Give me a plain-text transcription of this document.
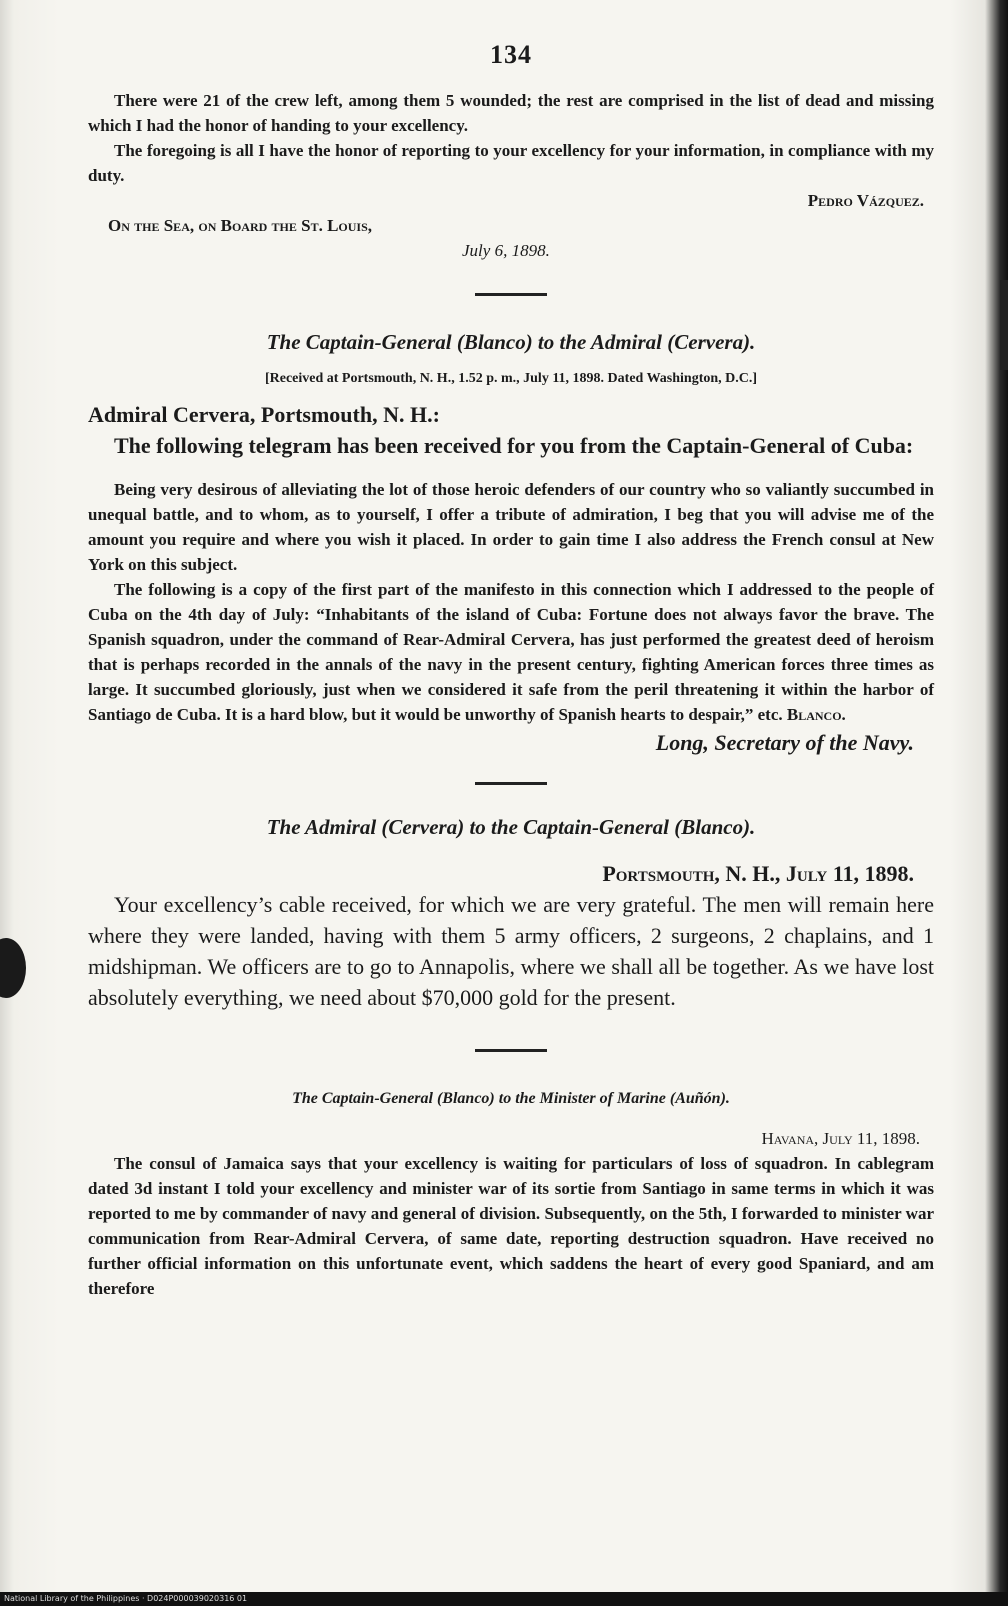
134

There were 21 of the crew left, among them 5 wounded; the rest are comprised in the list of dead and missing which I had the honor of handing to your excellency.

The foregoing is all I have the honor of reporting to your excellency for your information, in compliance with my duty.

Pedro Vázquez.

On the Sea, on Board the St. Louis,

July 6, 1898.

The Captain-General (Blanco) to the Admiral (Cervera).
[Received at Portsmouth, N. H., 1.52 p. m., July 11, 1898. Dated Washington, D.C.]

Admiral Cervera, Portsmouth, N. H.:

The following telegram has been received for you from the Captain-General of Cuba:

Being very desirous of alleviating the lot of those heroic defenders of our country who so valiantly succumbed in unequal battle, and to whom, as to yourself, I offer a tribute of admiration, I beg that you will advise me of the amount you require and where you wish it placed. In order to gain time I also address the French consul at New York on this subject.

The following is a copy of the first part of the manifesto in this connection which I addressed to the people of Cuba on the 4th day of July: “Inhabitants of the island of Cuba: Fortune does not always favor the brave. The Spanish squadron, under the command of Rear-Admiral Cervera, has just performed the greatest deed of heroism that is perhaps recorded in the annals of the navy in the present century, fighting American forces three times as large. It succumbed gloriously, just when we considered it safe from the peril threatening it within the harbor of Santiago de Cuba. It is a hard blow, but it would be unworthy of Spanish hearts to despair,” etc. Blanco.

Long, Secretary of the Navy.

The Admiral (Cervera) to the Captain-General (Blanco).

Portsmouth, N. H., July 11, 1898.

Your excellency’s cable received, for which we are very grateful. The men will remain here where they were landed, having with them 5 army officers, 2 surgeons, 2 chaplains, and 1 midshipman. We officers are to go to Annapolis, where we shall all be together. As we have lost absolutely everything, we need about $70,000 gold for the present.

The Captain-General (Blanco) to the Minister of Marine (Auñón).

Havana, July 11, 1898.

The consul of Jamaica says that your excellency is waiting for particulars of loss of squadron. In cablegram dated 3d instant I told your excellency and minister war of its sortie from Santiago in same terms in which it was reported to me by commander of navy and general of division. Subsequently, on the 5th, I forwarded to minister war communication from Rear-Admiral Cervera, of same date, reporting destruction squadron. Have received no further official information on this unfortunate event, which saddens the heart of every good Spaniard, and am therefore

National Library of the Philippines · D024P000039020316 01
